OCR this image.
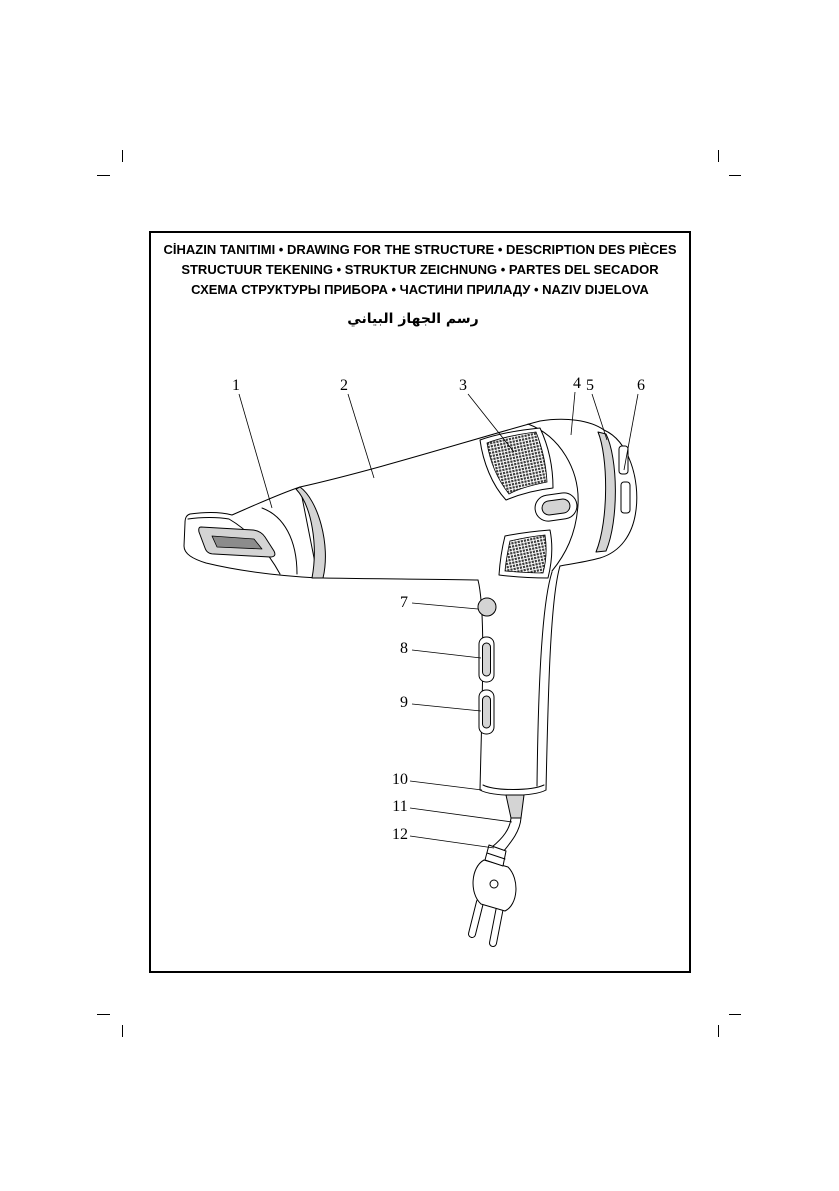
1	2	3	4 5	6
7
8
9
10
11
12
CİHAZIN TANITIMI • DRAWING FOR THE STRUCTURE • DESCRIPTION DES PIÈCES
STRUCTUUR TEKENING • STRUKTUR ZEICHNUNG • PARTES DEL SECADOR
СХЕМА СТРУКТУРЫ ПРИБОРА • ЧАСТИНИ ПРИЛАДУ • NAZIV DIJELOVA
رسم الجهاز البياني
